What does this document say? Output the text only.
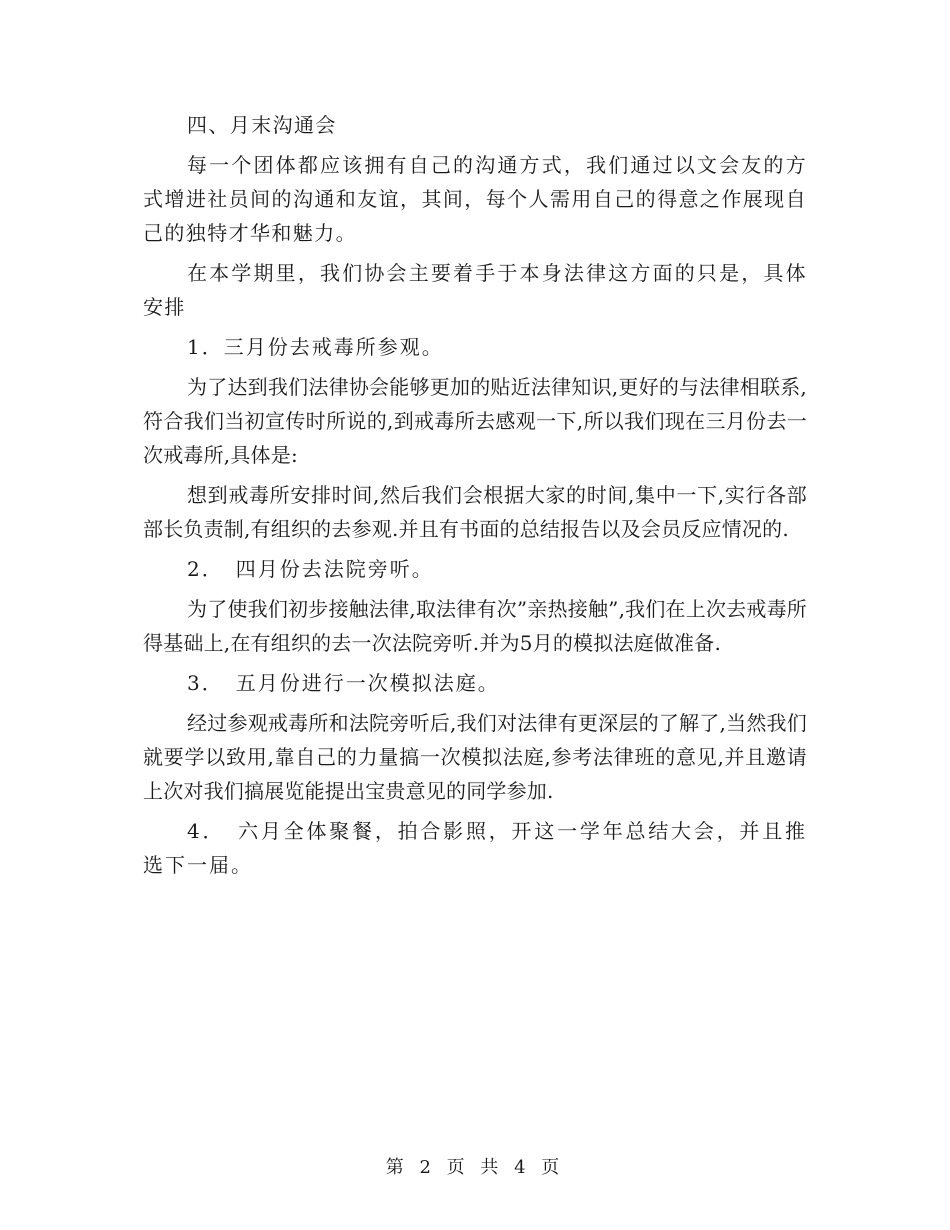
四、月末沟通会

每一个团体都应该拥有自己的沟通方式，我们通过以文会友的方式增进社员间的沟通和友谊，其间，每个人需用自己的得意之作展现自己的独特才华和魅力。

在本学期里，我们协会主要着手于本身法律这方面的只是，具体安排

1．三月份去戒毒所参观。

为了达到我们法律协会能够更加的贴近法律知识,更好的与法律相联系,符合我们当初宣传时所说的,到戒毒所去感观一下,所以我们现在三月份去一次戒毒所,具体是:

想到戒毒所安排时间,然后我们会根据大家的时间,集中一下,实行各部部长负责制,有组织的去参观.并且有书面的总结报告以及会员反应情况的.

2．　四月份去法院旁听。

为了使我们初步接触法律,取法律有次”亲热接触”,我们在上次去戒毒所得基础上,在有组织的去一次法院旁听.并为5月的模拟法庭做准备.

3．　五月份进行一次模拟法庭。

经过参观戒毒所和法院旁听后,我们对法律有更深层的了解了,当然我们就要学以致用,靠自己的力量搞一次模拟法庭,参考法律班的意见,并且邀请上次对我们搞展览能提出宝贵意见的同学参加.

4．　六月全体聚餐，拍合影照，开这一学年总结大会，并且推选下一届。

第 2 页 共 4 页
